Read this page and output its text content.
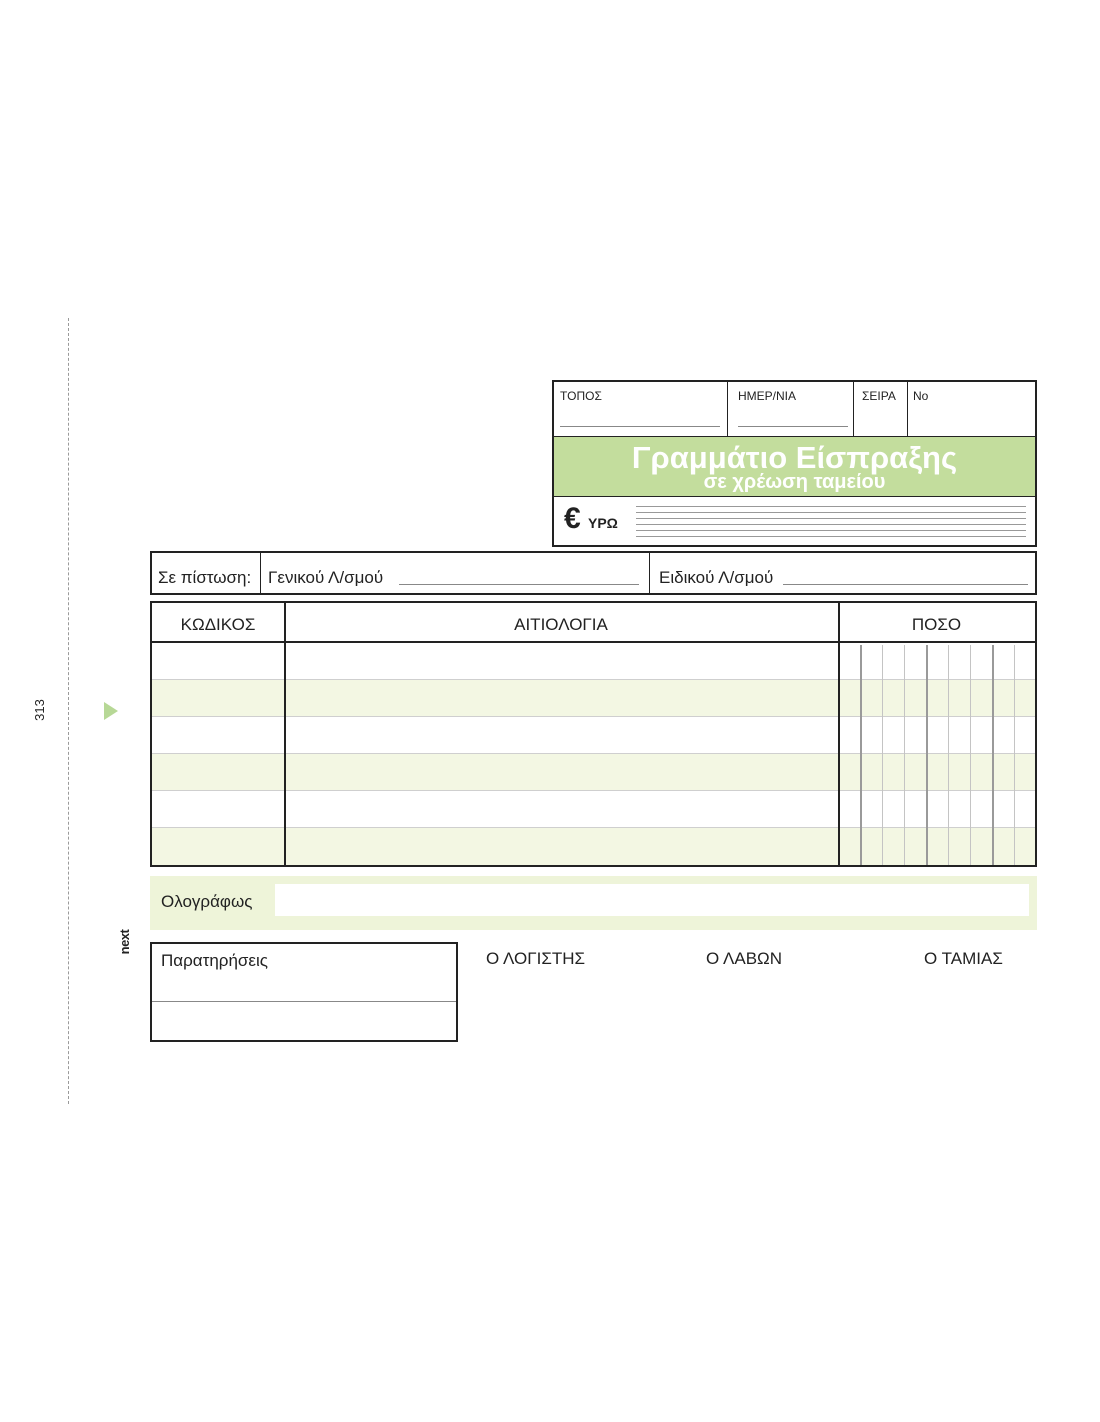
313
next
ΤΟΠΟΣ	ΗΜΕΡ/ΝΙΑ	ΣΕΙΡΑ No
Γραμμάτιο Είσπραξης
σε χρέωση ταμείου
€ ΥΡΩ
Σε πίστωση: Γενικού Λ/σμού	Ειδικού Λ/σμού
ΚΩΔΙΚΟΣ	ΑΙΤΙΟΛΟΓΙΑ	ΠΟΣΟ
Ολογράφως
Παρατηρήσεις	Ο ΛΟΓΙΣΤΗΣ	Ο ΛΑΒΩΝ	Ο ΤΑΜΙΑΣ
